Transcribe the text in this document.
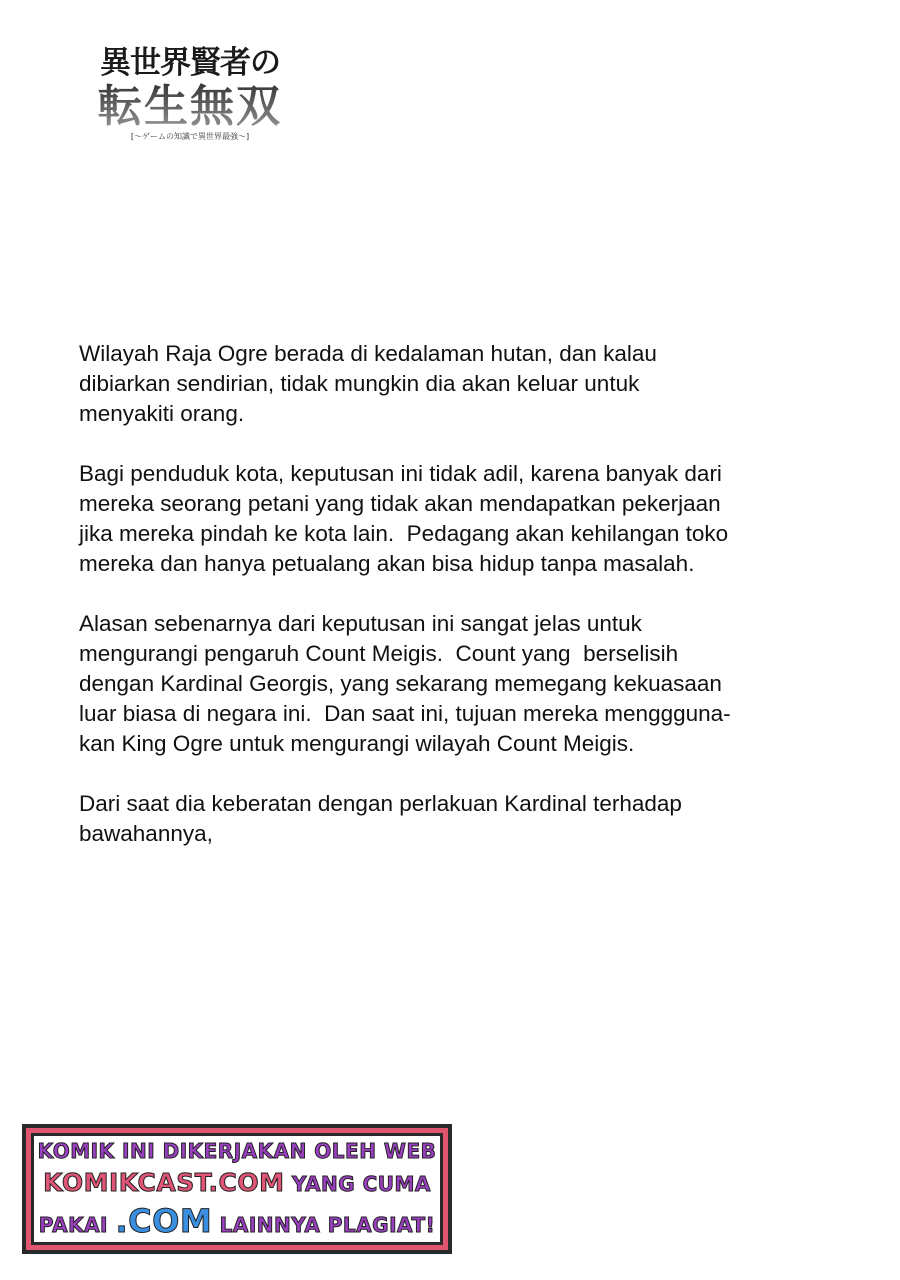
異世界賢者の
転生無双
[～ゲームの知識で異世界最強～]
Wilayah Raja Ogre berada di kedalaman hutan, dan kalau
dibiarkan sendirian, tidak mungkin dia akan keluar untuk
menyakiti orang.
Bagi penduduk kota, keputusan ini tidak adil, karena banyak dari
mereka seorang petani yang tidak akan mendapatkan pekerjaan
jika mereka pindah ke kota lain.  Pedagang akan kehilangan toko
mereka dan hanya petualang akan bisa hidup tanpa masalah.
Alasan sebenarnya dari keputusan ini sangat jelas untuk
mengurangi pengaruh Count Meigis.  Count yang  berselisih
dengan Kardinal Georgis, yang sekarang memegang kekuasaan
luar biasa di negara ini.  Dan saat ini, tujuan mereka menggguna-
kan King Ogre untuk mengurangi wilayah Count Meigis.
Dari saat dia keberatan dengan perlakuan Kardinal terhadap
bawahannya,
KOMIK INI DIKERJAKAN OLEH WEB
KOMIKCAST.COM YANG CUMA
PAKAI .COM LAINNYA PLAGIAT!
